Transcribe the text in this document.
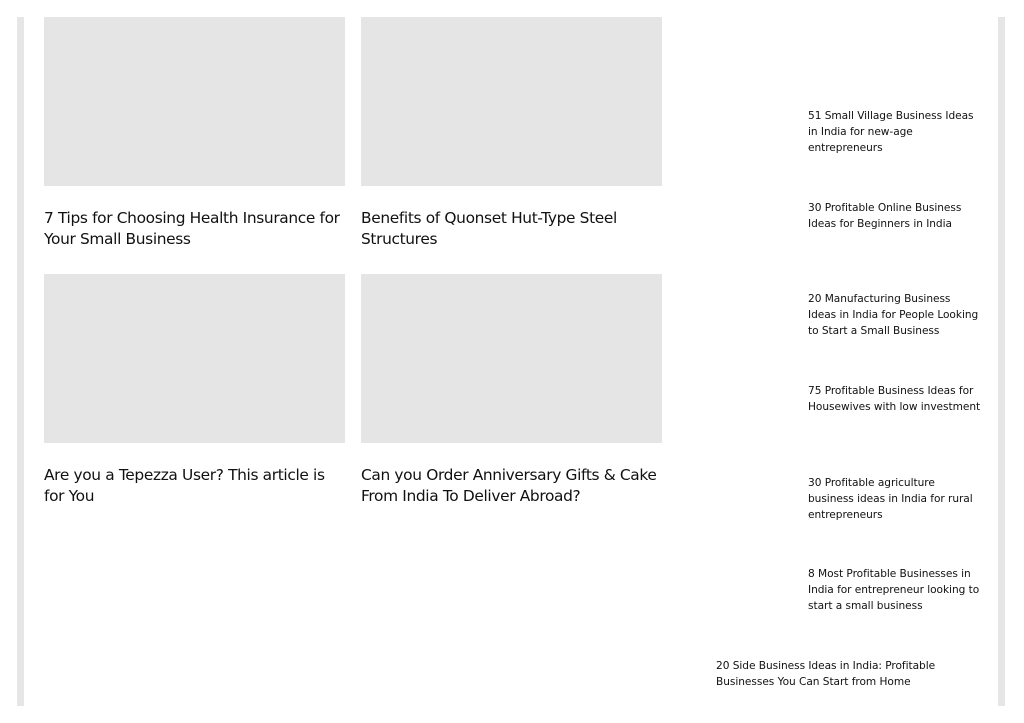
7 Tips for Choosing Health Insurance for Your Small Business
Benefits of Quonset Hut-Type Steel Structures
Are you a Tepezza User? This article is for You
Can you Order Anniversary Gifts & Cake From India To Deliver Abroad?
51 Small Village Business Ideas in India for new-age entrepreneurs
30 Profitable Online Business Ideas for Beginners in India
20 Manufacturing Business Ideas in India for People Looking to Start a Small Business
75 Profitable Business Ideas for Housewives with low investment
30 Profitable agriculture business ideas in India for rural entrepreneurs
8 Most Profitable Businesses in India for entrepreneur looking to start a small business
20 Side Business Ideas in India: Profitable Businesses You Can Start from Home
